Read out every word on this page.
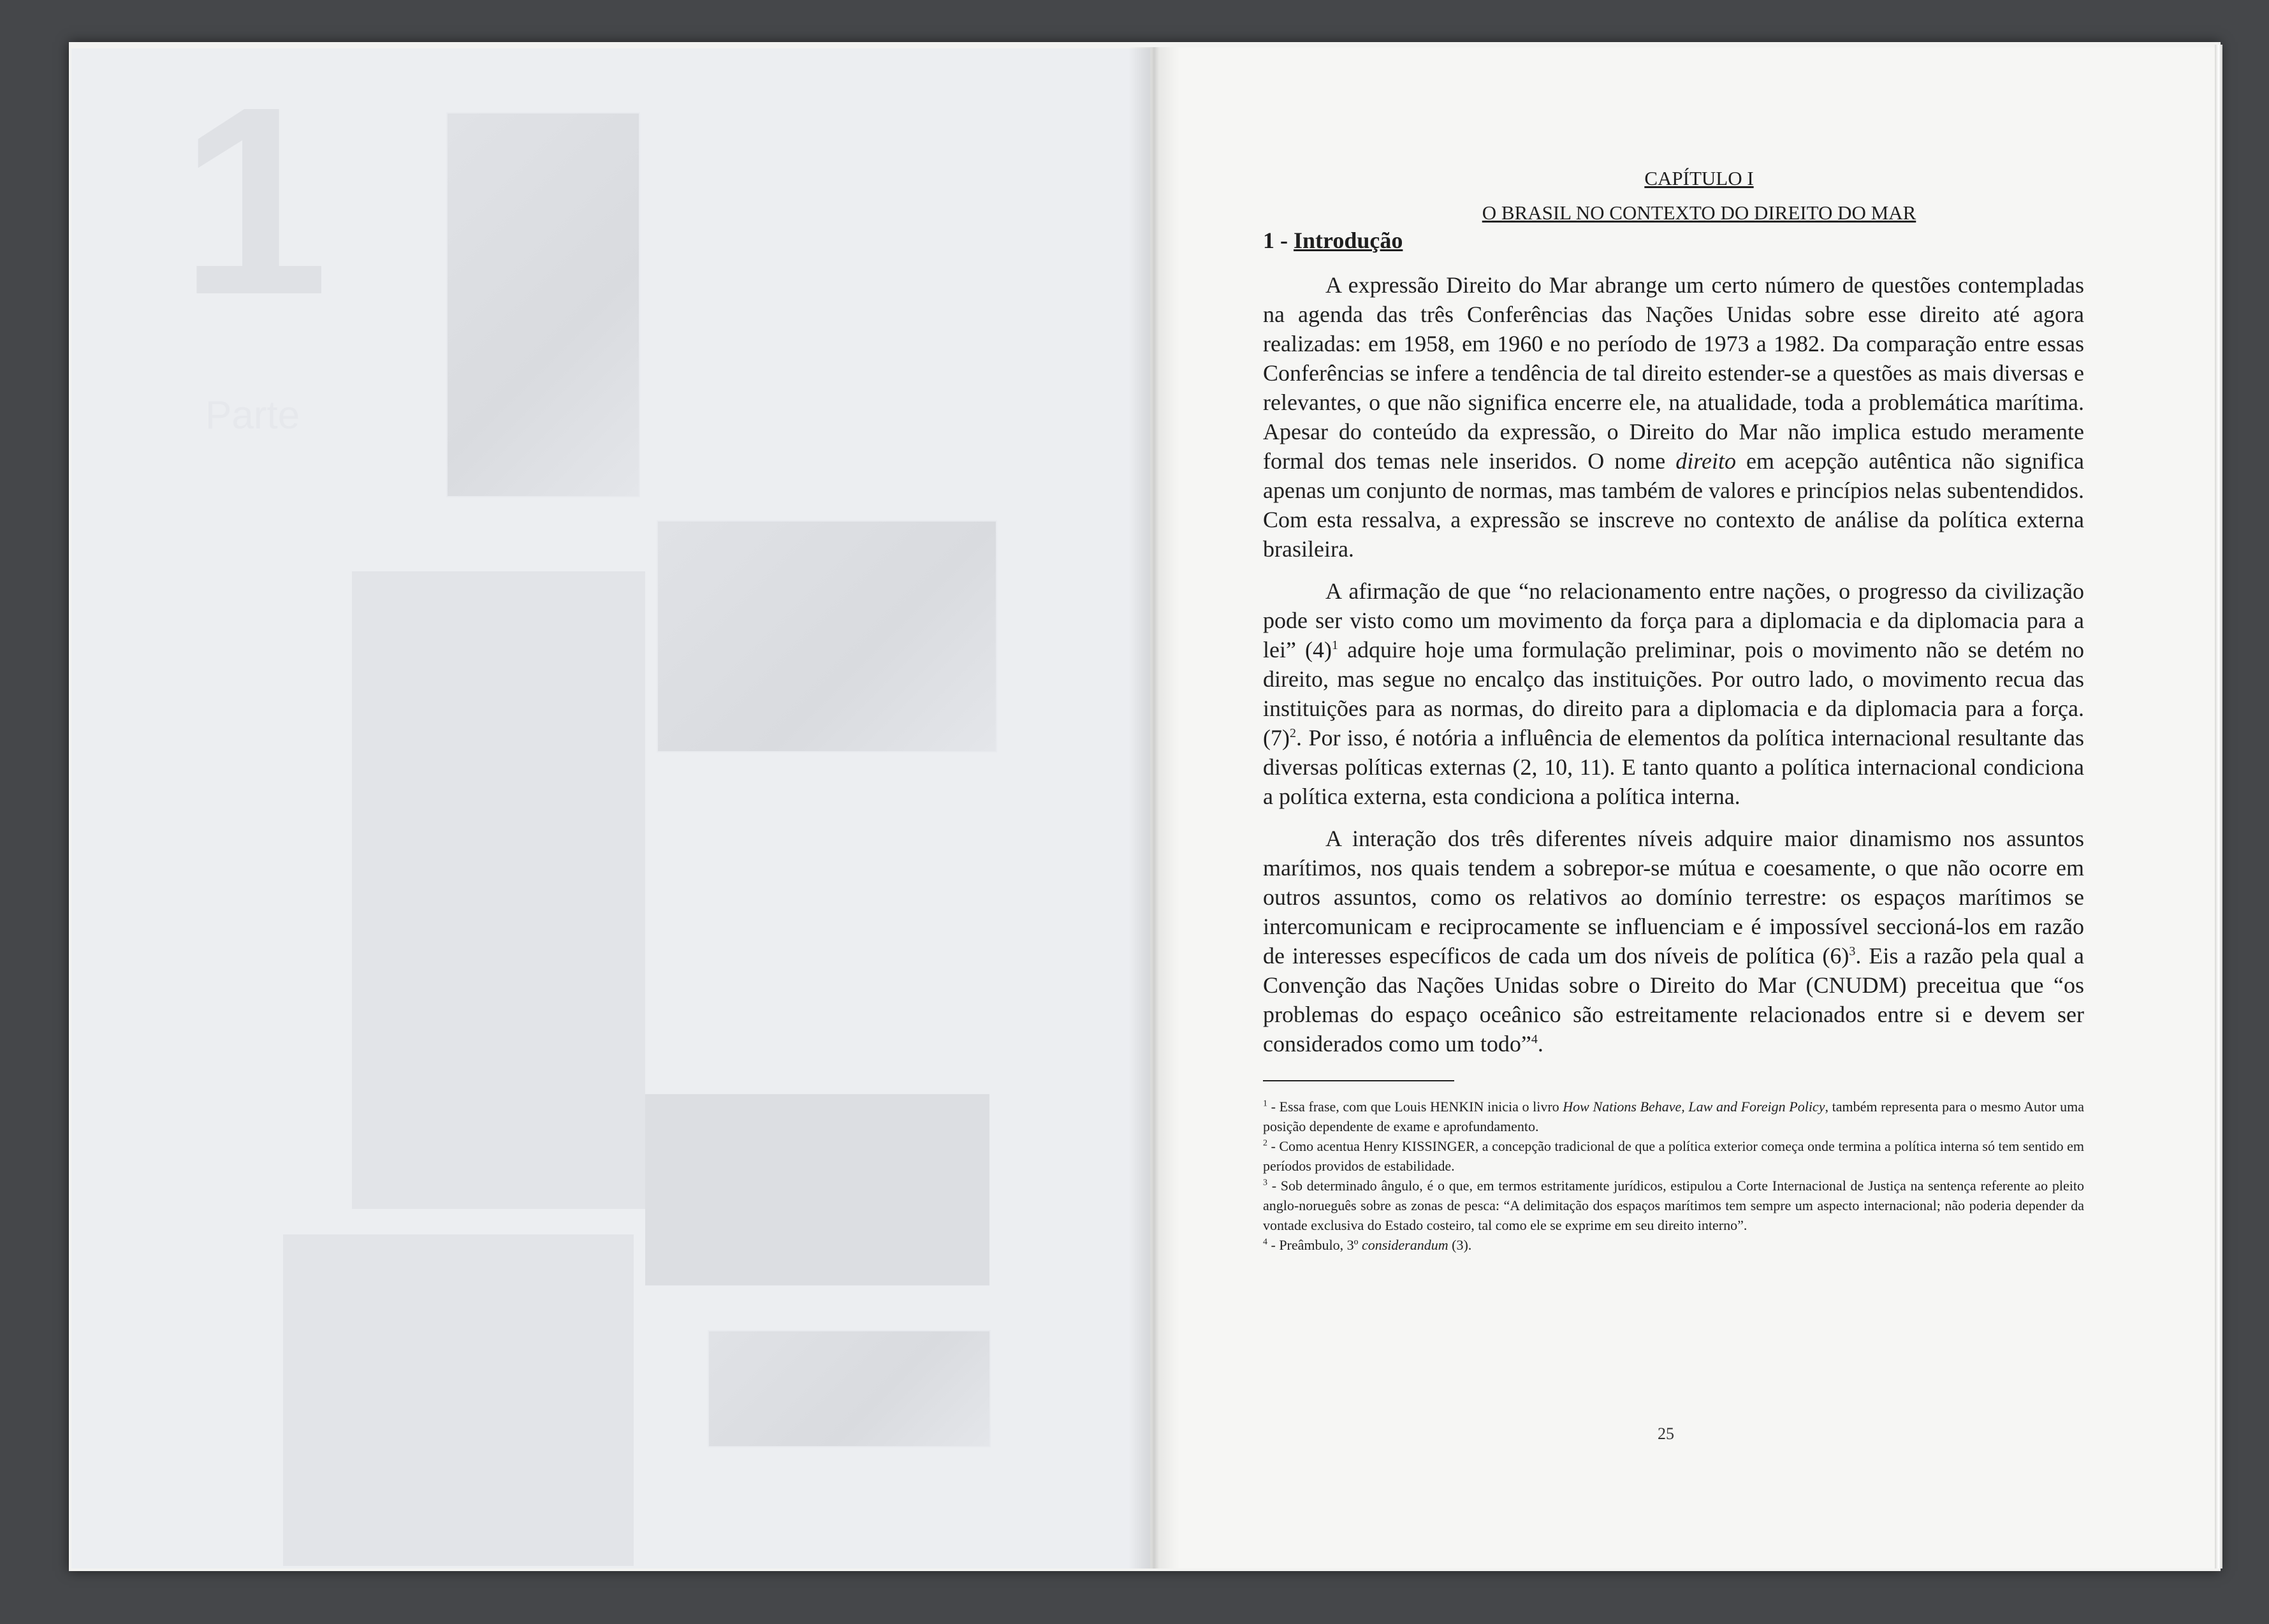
1
Parte
CAPÍTULO I
O BRASIL NO CONTEXTO DO DIREITO DO MAR
1 - Introdução

A expressão Direito do Mar abrange um certo número de questões contempladas na agenda das três Conferências das Nações Unidas sobre esse direito até agora realizadas: em 1958, em 1960 e no período de 1973 a 1982. Da comparação entre essas Conferências se infere a tendência de tal direito estender-se a questões as mais diversas e relevantes, o que não significa encerre ele, na atualidade, toda a problemática marítima. Apesar do conteúdo da expressão, o Direito do Mar não implica estudo meramente formal dos temas nele inseridos. O nome direito em acepção autêntica não significa apenas um conjunto de normas, mas também de valores e princípios nelas subentendidos. Com esta ressalva, a expressão se inscreve no contexto de análise da política externa brasileira.

A afirmação de que “no relacionamento entre nações, o progresso da civilização pode ser visto como um movimento da força para a diplomacia e da diplomacia para a lei” $(4)^1$ adquire hoje uma formulação preliminar, pois o movimento não se detém no direito, mas segue no encalço das instituições. Por outro lado, o movimento recua das instituições para as normas, do direito para a diplomacia e da diplomacia para a força. $(7)^2$. Por isso, é notória a influência de elementos da política internacional resultante das diversas políticas externas (2, 10, 11). E tanto quanto a política internacional condiciona a política externa, esta condiciona a política interna.

A interação dos três diferentes níveis adquire maior dinamismo nos assuntos marítimos, nos quais tendem a sobrepor-se mútua e coesamente, o que não ocorre em outros assuntos, como os relativos ao domínio terrestre: os espaços marítimos se intercomunicam e reciprocamente se influenciam e é impossível seccioná-los em razão de interesses específicos de cada um dos níveis de política $(6)^3$. Eis a razão pela qual a Convenção das Nações Unidas sobre o Direito do Mar (CNUDM) preceitua que “os problemas do espaço oceânico são estreitamente relacionados entre si e devem ser considerados como um todo”$^4$.

$^1$ - Essa frase, com que Louis HENKIN inicia o livro How Nations Behave, Law and Foreign Policy, também representa para o mesmo Autor uma posição dependente de exame e aprofundamento.

$^2$ - Como acentua Henry KISSINGER, a concepção tradicional de que a política exterior começa onde termina a política interna só tem sentido em períodos providos de estabilidade.

$^3$ - Sob determinado ângulo, é o que, em termos estritamente jurídicos, estipulou a Corte Internacional de Justiça na sentença referente ao pleito anglo-norueguês sobre as zonas de pesca: “A delimitação dos espaços marítimos tem sempre um aspecto internacional; não poderia depender da vontade exclusiva do Estado costeiro, tal como ele se exprime em seu direito interno”.

$^4$ - Preâmbulo, 3º considerandum (3).

25
